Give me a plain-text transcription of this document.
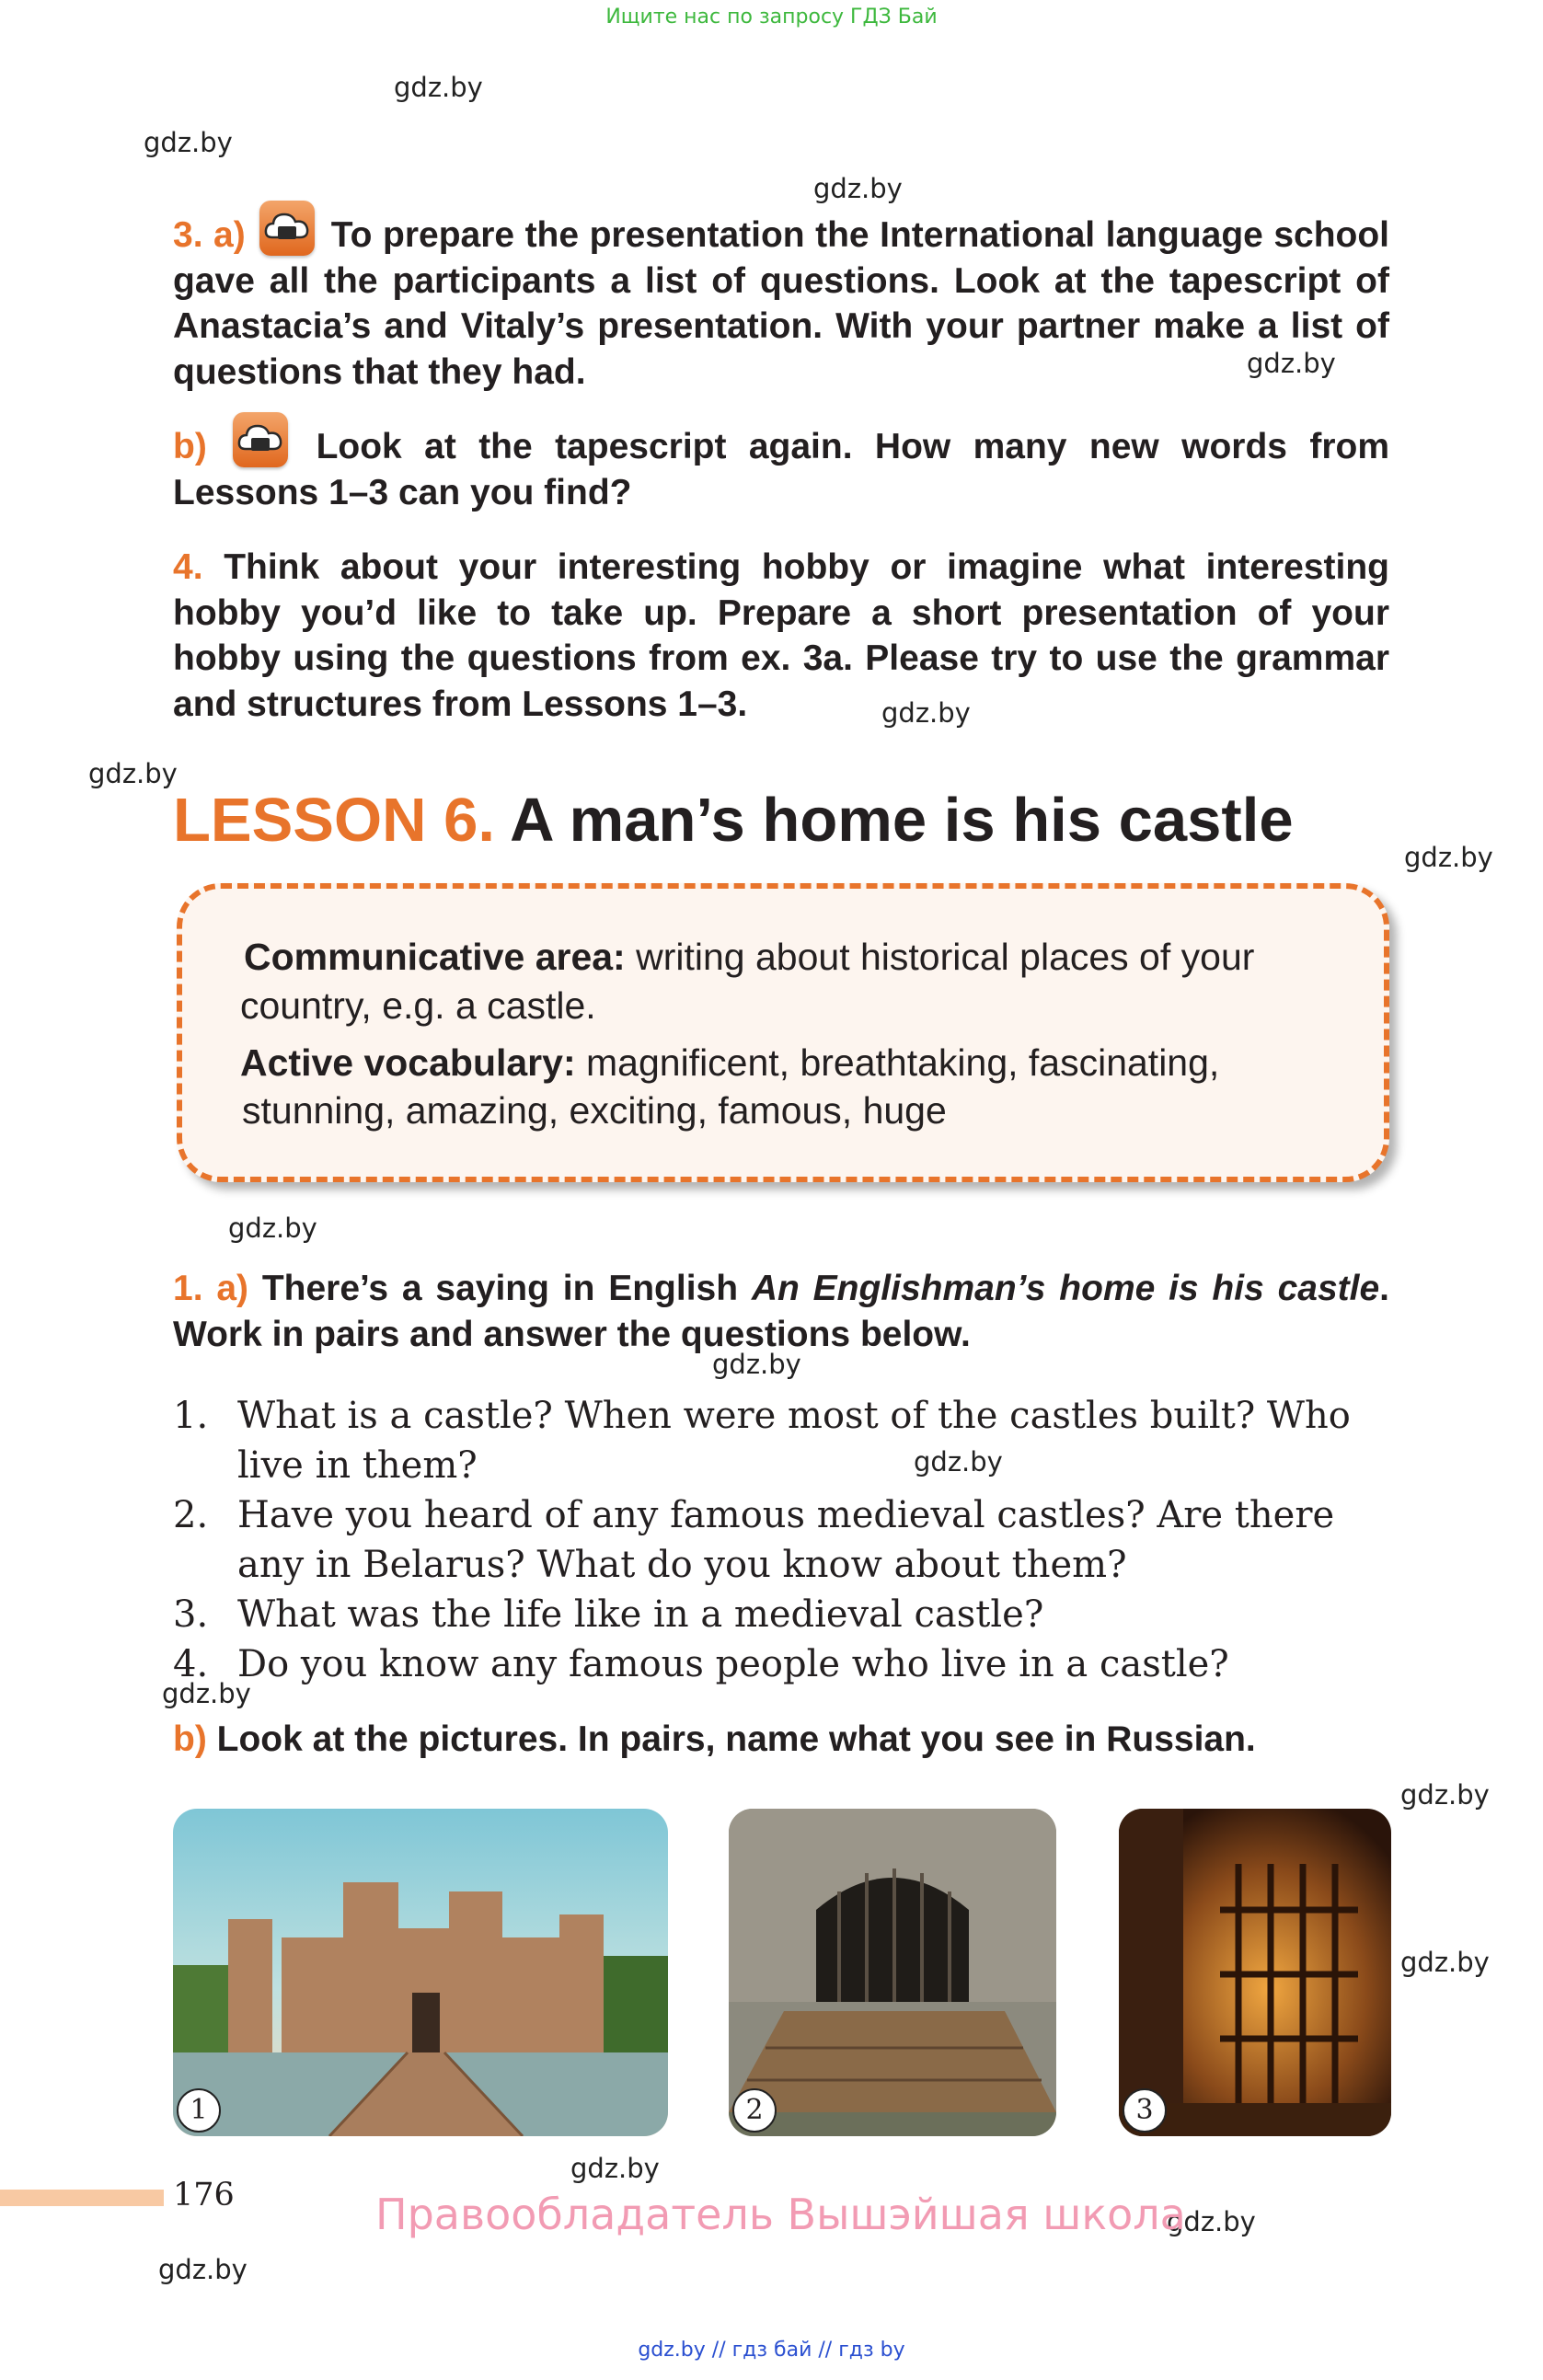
Ищите нас по запросу ГДЗ Бай
gdz.by
gdz.by
gdz.by
gdz.by
gdz.by
gdz.by
gdz.by
gdz.by
gdz.by
gdz.by
gdz.by
gdz.by
gdz.by
gdz.by
gdz.by
gdz.by
3. a) To prepare the presentation the International language school gave all the participants a list of questions. Look at the tapescript of Anastacia’s and Vitaly’s presentation. With your partner make a list of questions that they had.
b)	Look at the tapescript again. How many new words from Lessons 1–3 can you find?
4. Think about your interesting hobby or imagine what interesting hobby you’d like to take up. Prepare a short presentation of your hobby using the questions from ex. 3a. Please try to use the grammar and structures from Lessons 1–3.
LESSON 6. A man’s home is his castle
Communicative area: writing about historical places of your
country, e.g. a castle.
Active vocabulary: magnificent, breathtaking, fascinating,
stunning, amazing, exciting, famous, huge
1. a) There’s a saying in English An Englishman’s home is his castle. Work in pairs and answer the questions below.
1. What is a castle? When were most of the castles built? Who live in them?
2. Have you heard of any famous medieval castles? Are there any in Belarus? What do you know about them?
3. What was the life like in a medieval castle?
4. Do you know any famous people who live in a castle?
b) Look at the pictures. In pairs, name what you see in Russian.
1	2	3
176	Правообладатель Вышэйшая школа
gdz.by // гдз бай // гдз by
